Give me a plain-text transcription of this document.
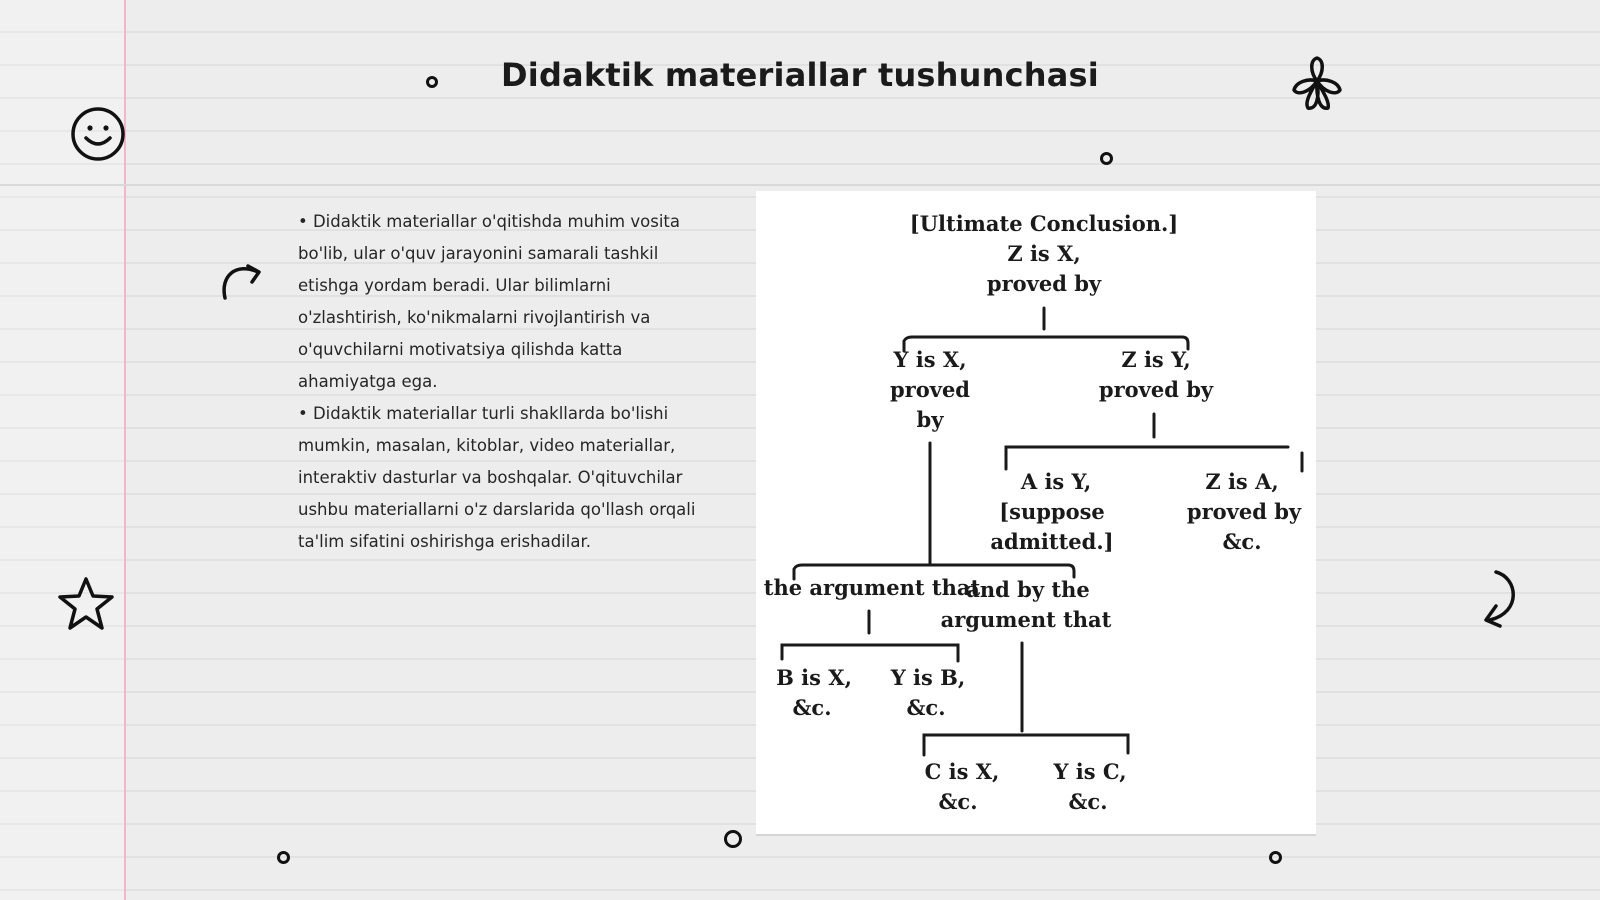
Didaktik materiallar tushunchasi

• Didaktik materiallar o'qitishda muhim vosita bo'lib, ular o'quv jarayonini samarali tashkil etishga yordam beradi. Ular bilimlarni o'zlashtirish, ko'nikmalarni rivojlantirish va o'quvchilarni motivatsiya qilishda katta ahamiyatga ega.

• Didaktik materiallar turli shakllarda bo'lishi mumkin, masalan, kitoblar, video materiallar, interaktiv dasturlar va boshqalar. O'qituvchilar ushbu materiallarni o'z darslarida qo'llash orqali ta'lim sifatini oshirishga erishadilar.

[Ultimate Conclusion.]
Z is X,
proved by
Y is X,
proved
by
Z is Y,
proved by
A is Y,
[suppose
admitted.]
Z is A,
proved by
&c.
the argument that
and by the
argument that
B is X,
&c.
Y is B,
&c.
C is X,
&c.
Y is C,
&c.
